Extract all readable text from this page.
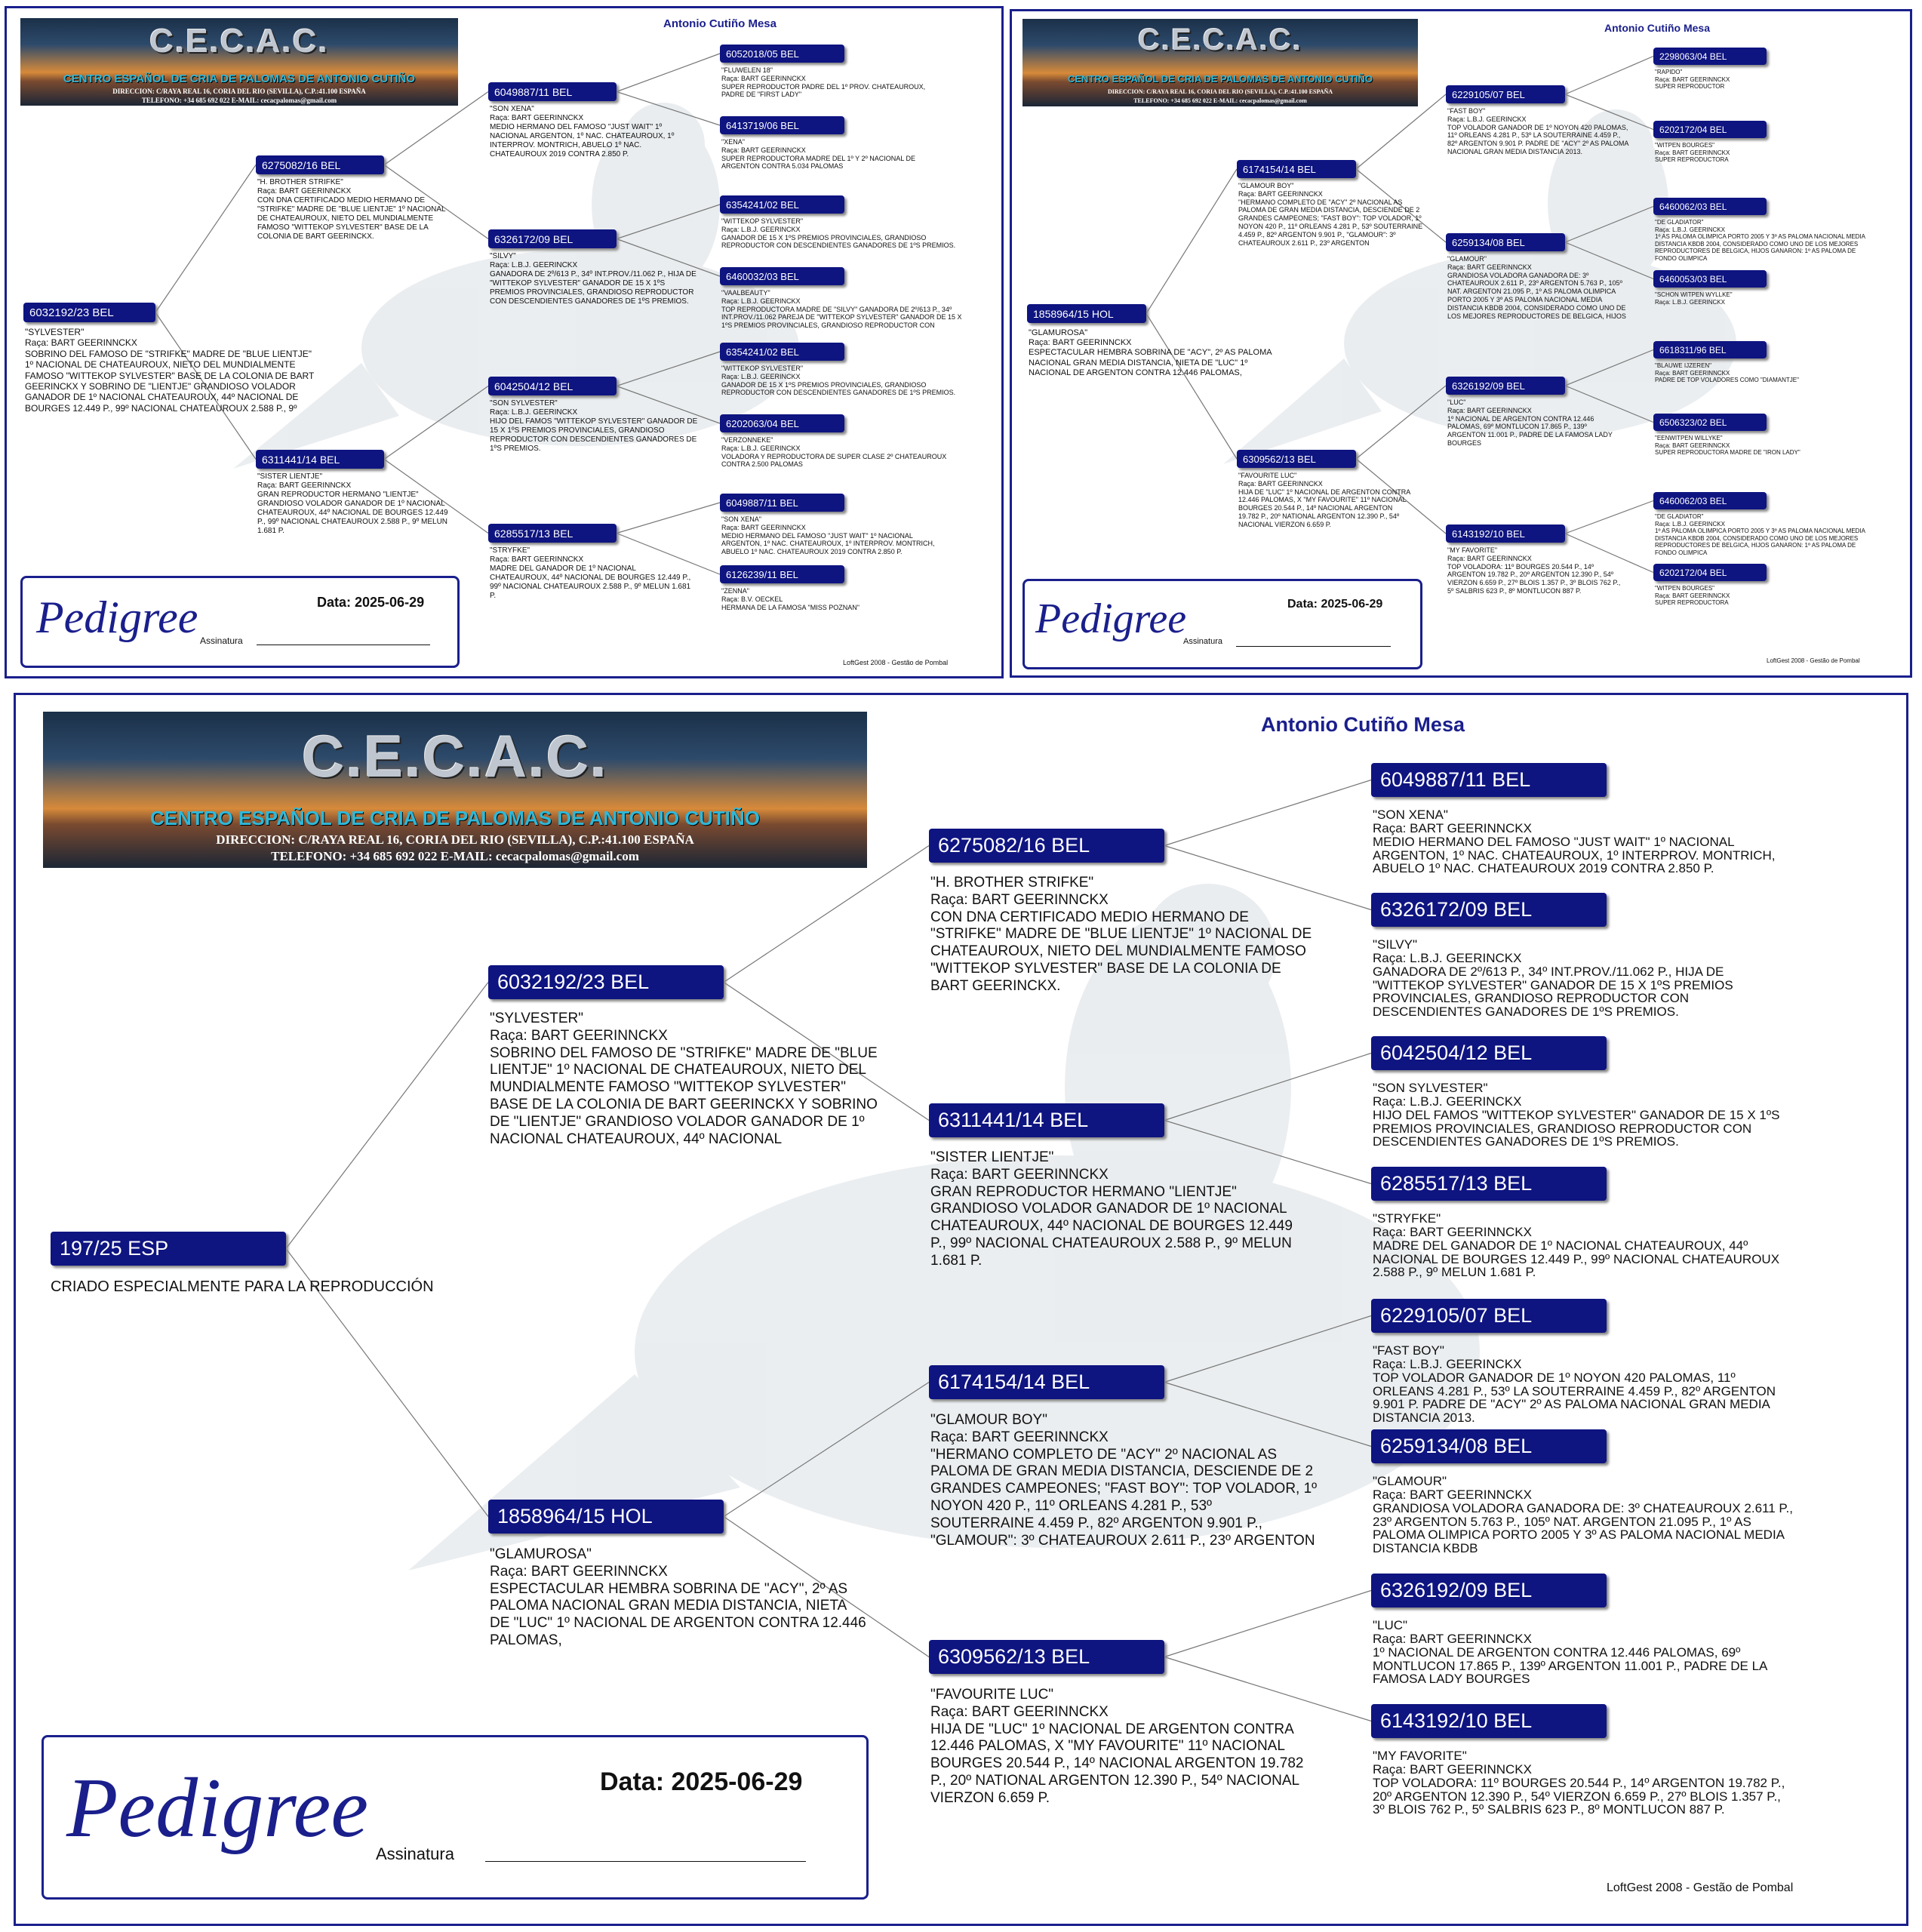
C.E.C.A.C.
CENTRO ESPAÑOL DE CRIA DE PALOMAS DE ANTONIO CUTIÑO
DIRECCION: C/RAYA REAL 16, CORIA DEL RIO (SEVILLA), C.P.:41.100 ESPAÑA
TELEFONO: +34 685 692 022 E-MAIL: cecacpalomas@gmail.com
Antonio Cutiño Mesa
6032192/23 BEL
"SYLVESTER"
Raça: BART GEERINNCKX
SOBRINO DEL FAMOSO DE "STRIFKE" MADRE DE "BLUE LIENTJE" 1º NACIONAL DE CHATEAUROUX, NIETO DEL MUNDIALMENTE FAMOSO "WITTEKOP SYLVESTER" BASE DE LA COLONIA DE BART GEERINCKX Y SOBRINO DE "LIENTJE" GRANDIOSO VOLADOR GANADOR DE 1º NACIONAL CHATEAUROUX, 44º NACIONAL DE BOURGES 12.449 P., 99º NACIONAL CHATEAUROUX 2.588 P., 9º
6275082/16 BEL
"H. BROTHER STRIFKE"
Raça: BART GEERINNCKX
CON DNA CERTIFICADO MEDIO HERMANO DE "STRIFKE" MADRE DE "BLUE LIENTJE" 1º NACIONAL DE CHATEAUROUX, NIETO DEL MUNDIALMENTE FAMOSO "WITTEKOP SYLVESTER" BASE DE LA COLONIA DE BART GEERINCKX.
6311441/14 BEL
"SISTER LIENTJE"
Raça: BART GEERINNCKX
GRAN REPRODUCTOR HERMANO "LIENTJE" GRANDIOSO VOLADOR GANADOR DE 1º NACIONAL CHATEAUROUX, 44º NACIONAL DE BOURGES 12.449 P., 99º NACIONAL CHATEAUROUX 2.588 P., 9º MELUN 1.681 P.
6049887/11 BEL
"SON XENA"
Raça: BART GEERINNCKX
MEDIO HERMANO DEL FAMOSO "JUST WAIT" 1º NACIONAL ARGENTON, 1º NAC. CHATEAUROUX, 1º INTERPROV. MONTRICH, ABUELO 1º NAC. CHATEAUROUX 2019 CONTRA 2.850 P.
6326172/09 BEL
"SILVY"
Raça: L.B.J. GEERINCKX
GANADORA DE 2º/613 P., 34º INT.PROV./11.062 P., HIJA DE "WITTEKOP SYLVESTER" GANADOR DE 15 X 1ºS PREMIOS PROVINCIALES, GRANDIOSO REPRODUCTOR CON DESCENDIENTES GANADORES DE 1ºS PREMIOS.
6042504/12 BEL
"SON SYLVESTER"
Raça: L.B.J. GEERINCKX
HIJO DEL FAMOS "WITTEKOP SYLVESTER" GANADOR DE 15 X 1ºS PREMIOS PROVINCIALES, GRANDIOSO REPRODUCTOR CON DESCENDIENTES GANADORES DE 1ºS PREMIOS.
6285517/13 BEL
"STRYFKE"
Raça: BART GEERINNCKX
MADRE DEL GANADOR DE 1º NACIONAL CHATEAUROUX, 44º NACIONAL DE BOURGES 12.449 P., 99º NACIONAL CHATEAUROUX 2.588 P., 9º MELUN 1.681 P.
6052018/05 BEL
"FLUWELEN 18"
Raça: BART GEERINNCKX
SUPER REPRODUCTOR PADRE DEL 1º PROV. CHATEAUROUX, PADRE DE "FIRST LADY"
6413719/06 BEL
"XENA"
Raça: BART GEERINNCKX
SUPER REPRODUCTORA MADRE DEL 1º Y 2º NACIONAL DE ARGENTON CONTRA 5.034 PALOMAS
6354241/02 BEL
"WITTEKOP SYLVESTER"
Raça: L.B.J. GEERINCKX
GANADOR DE 15 X 1ºS PREMIOS PROVINCIALES, GRANDIOSO REPRODUCTOR CON DESCENDIENTES GANADORES DE 1ºS PREMIOS.
6460032/03 BEL
"VAALBEAUTY"
Raça: L.B.J. GEERINCKX
TOP REPRODUCTORA MADRE DE "SILVY" GANADORA DE 2º/613 P., 34º INT.PROV./11.062 PAREJA DE "WITTEKOP SYLVESTER" GANADOR DE 15 X 1ºS PREMIOS PROVINCIALES, GRANDIOSO REPRODUCTOR CON
6354241/02 BEL
"WITTEKOP SYLVESTER"
Raça: L.B.J. GEERINCKX
GANADOR DE 15 X 1ºS PREMIOS PROVINCIALES, GRANDIOSO REPRODUCTOR CON DESCENDIENTES GANADORES DE 1ºS PREMIOS.
6202063/04 BEL
"VERZONNEKE"
Raça: L.B.J. GEERINCKX
VOLADORA Y REPRODUCTORA DE SUPER CLASE 2º CHATEAUROUX CONTRA 2.500 PALOMAS
6049887/11 BEL
"SON XENA"
Raça: BART GEERINNCKX
MEDIO HERMANO DEL FAMOSO "JUST WAIT" 1º NACIONAL ARGENTON, 1º NAC. CHATEAUROUX, 1º INTERPROV. MONTRICH, ABUELO 1º NAC. CHATEAUROUX 2019 CONTRA 2.850 P.
6126239/11 BEL
"ZENNA"
Raça: B.V. OECKEL
HERMANA DE LA FAMOSA "MISS POZNAN"
Pedigree	Data: 2025-06-29
Assinatura
LoftGest 2008 - Gestão de Pombal
C.E.C.A.C.
CENTRO ESPAÑOL DE CRIA DE PALOMAS DE ANTONIO CUTIÑO
DIRECCION: C/RAYA REAL 16, CORIA DEL RIO (SEVILLA), C.P.:41.100 ESPAÑA
TELEFONO: +34 685 692 022 E-MAIL: cecacpalomas@gmail.com
Antonio Cutiño Mesa
1858964/15 HOL
"GLAMUROSA"
Raça: BART GEERINNCKX
ESPECTACULAR HEMBRA SOBRINA DE "ACY", 2º AS PALOMA NACIONAL GRAN MEDIA DISTANCIA, NIETA DE "LUC" 1º NACIONAL DE ARGENTON CONTRA 12.446 PALOMAS,
6174154/14 BEL
"GLAMOUR BOY"
Raça: BART GEERINNCKX
"HERMANO COMPLETO DE "ACY" 2º NACIONAL AS PALOMA DE GRAN MEDIA DISTANCIA, DESCIENDE DE 2 GRANDES CAMPEONES; "FAST BOY": TOP VOLADOR, 1º NOYON 420 P., 11º ORLEANS 4.281 P., 53º SOUTERRAINE 4.459 P., 82º ARGENTON 9.901 P., "GLAMOUR": 3º CHATEAUROUX 2.611 P., 23º ARGENTON
6309562/13 BEL
"FAVOURITE LUC"
Raça: BART GEERINNCKX
HIJA DE "LUC" 1º NACIONAL DE ARGENTON CONTRA 12.446 PALOMAS, X "MY FAVOURITE" 11º NACIONAL BOURGES 20.544 P., 14º NACIONAL ARGENTON 19.782 P., 20º NATIONAL ARGENTON 12.390 P., 54º NACIONAL VIERZON 6.659 P.
6229105/07 BEL
"FAST BOY"
Raça: L.B.J. GEERINCKX
TOP VOLADOR GANADOR DE 1º NOYON 420 PALOMAS, 11º ORLEANS 4.281 P., 53º LA SOUTERRAINE 4.459 P., 82º ARGENTON 9.901 P. PADRE DE "ACY" 2º AS PALOMA NACIONAL GRAN MEDIA DISTANCIA 2013.
6259134/08 BEL
"GLAMOUR"
Raça: BART GEERINNCKX
GRANDIOSA VOLADORA GANADORA DE: 3º CHATEAUROUX 2.611 P., 23º ARGENTON 5.763 P., 105º NAT. ARGENTON 21.095 P., 1º AS PALOMA OLIMPICA PORTO 2005 Y 3º AS PALOMA NACIONAL MEDIA DISTANCIA KBDB 2004, CONSIDERADO COMO UNO DE LOS MEJORES REPRODUCTORES DE BELGICA, HIJOS
6326192/09 BEL
"LUC"
Raça: BART GEERINNCKX
1º NACIONAL DE ARGENTON CONTRA 12.446 PALOMAS, 69º MONTLUCON 17.865 P., 139º ARGENTON 11.001 P., PADRE DE LA FAMOSA LADY BOURGES
6143192/10 BEL
"MY FAVORITE"
Raça: BART GEERINNCKX
TOP VOLADORA: 11º BOURGES 20.544 P., 14º ARGENTON 19.782 P., 20º ARGENTON 12.390 P., 54º VIERZON 6.659 P., 27º BLOIS 1.357 P., 3º BLOIS 762 P., 5º SALBRIS 623 P., 8º MONTLUCON 887 P.
2298063/04 BEL
"RAPIDO"
Raça: BART GEERINNCKX
SUPER REPRODUCTOR
6202172/04 BEL
"WITPEN BOURGES"
Raça: BART GEERINNCKX
SUPER REPRODUCTORA
6460062/03 BEL
"DE GLADIATOR"
Raça: L.B.J. GEERINCKX
1º AS PALOMA OLIMPICA PORTO 2005 Y 3º AS PALOMA NACIONAL MEDIA DISTANCIA KBDB 2004, CONSIDERADO COMO UNO DE LOS MEJORES REPRODUCTORES DE BELGICA, HIJOS GANARON: 1º AS PALOMA DE FONDO OLIMPICA
6460053/03 BEL
"SCHON WITPEN WYLLKE"
Raça: L.B.J. GEERINCKX
6618311/96 BEL
"BLAUWE IJZEREN"
Raça: BART GEERINNCKX
PADRE DE TOP VOLADORES COMO "DIAMANTJE"
6506323/02 BEL
"EENWITPEN WILLYKE"
Raça: BART GEERINNCKX
SUPER REPRODUCTORA MADRE DE "IRON LADY"
6460062/03 BEL
"DE GLADIATOR"
Raça: L.B.J. GEERINCKX
1º AS PALOMA OLIMPICA PORTO 2005 Y 3º AS PALOMA NACIONAL MEDIA DISTANCIA KBDB 2004, CONSIDERADO COMO UNO DE LOS MEJORES REPRODUCTORES DE BELGICA, HIJOS GANARON: 1º AS PALOMA DE FONDO OLIMPICA
6202172/04 BEL
"WITPEN BOURGES"
Raça: BART GEERINNCKX
SUPER REPRODUCTORA
Pedigree	Data: 2025-06-29
Assinatura
LoftGest 2008 - Gestão de Pombal
C.E.C.A.C.
CENTRO ESPAÑOL DE CRIA DE PALOMAS DE ANTONIO CUTIÑO
DIRECCION: C/RAYA REAL 16, CORIA DEL RIO (SEVILLA), C.P.:41.100 ESPAÑA
TELEFONO: +34 685 692 022 E-MAIL: cecacpalomas@gmail.com
Antonio Cutiño Mesa
197/25 ESP
CRIADO ESPECIALMENTE PARA LA REPRODUCCIÓN
6032192/23 BEL
"SYLVESTER"
Raça: BART GEERINNCKX
SOBRINO DEL FAMOSO DE "STRIFKE" MADRE DE "BLUE LIENTJE" 1º NACIONAL DE CHATEAUROUX, NIETO DEL MUNDIALMENTE FAMOSO "WITTEKOP SYLVESTER" BASE DE LA COLONIA DE BART GEERINCKX Y SOBRINO DE "LIENTJE" GRANDIOSO VOLADOR GANADOR DE 1º NACIONAL CHATEAUROUX, 44º NACIONAL
1858964/15 HOL
"GLAMUROSA"
Raça: BART GEERINNCKX
ESPECTACULAR HEMBRA SOBRINA DE "ACY", 2º AS PALOMA NACIONAL GRAN MEDIA DISTANCIA, NIETA DE "LUC" 1º NACIONAL DE ARGENTON CONTRA 12.446 PALOMAS,
6275082/16 BEL
"H. BROTHER STRIFKE"
Raça: BART GEERINNCKX
CON DNA CERTIFICADO MEDIO HERMANO DE "STRIFKE" MADRE DE "BLUE LIENTJE" 1º NACIONAL DE CHATEAUROUX, NIETO DEL MUNDIALMENTE FAMOSO "WITTEKOP SYLVESTER" BASE DE LA COLONIA DE BART GEERINCKX.
6311441/14 BEL
"SISTER LIENTJE"
Raça: BART GEERINNCKX
GRAN REPRODUCTOR HERMANO "LIENTJE" GRANDIOSO VOLADOR GANADOR DE 1º NACIONAL CHATEAUROUX, 44º NACIONAL DE BOURGES 12.449 P., 99º NACIONAL CHATEAUROUX 2.588 P., 9º MELUN 1.681 P.
6174154/14 BEL
"GLAMOUR BOY"
Raça: BART GEERINNCKX
"HERMANO COMPLETO DE "ACY" 2º NACIONAL AS PALOMA DE GRAN MEDIA DISTANCIA, DESCIENDE DE 2 GRANDES CAMPEONES; "FAST BOY": TOP VOLADOR, 1º NOYON 420 P., 11º ORLEANS 4.281 P., 53º SOUTERRAINE 4.459 P., 82º ARGENTON 9.901 P., "GLAMOUR": 3º CHATEAUROUX 2.611 P., 23º ARGENTON
6309562/13 BEL
"FAVOURITE LUC"
Raça: BART GEERINNCKX
HIJA DE "LUC" 1º NACIONAL DE ARGENTON CONTRA 12.446 PALOMAS, X "MY FAVOURITE" 11º NACIONAL BOURGES 20.544 P., 14º NACIONAL ARGENTON 19.782 P., 20º NATIONAL ARGENTON 12.390 P., 54º NACIONAL VIERZON 6.659 P.
6049887/11 BEL
"SON XENA"
Raça: BART GEERINNCKX
MEDIO HERMANO DEL FAMOSO "JUST WAIT" 1º NACIONAL ARGENTON, 1º NAC. CHATEAUROUX, 1º INTERPROV. MONTRICH, ABUELO 1º NAC. CHATEAUROUX 2019 CONTRA 2.850 P.
6326172/09 BEL
"SILVY"
Raça: L.B.J. GEERINCKX
GANADORA DE 2º/613 P., 34º INT.PROV./11.062 P., HIJA DE "WITTEKOP SYLVESTER" GANADOR DE 15 X 1ºS PREMIOS PROVINCIALES, GRANDIOSO REPRODUCTOR CON DESCENDIENTES GANADORES DE 1ºS PREMIOS.
6042504/12 BEL
"SON SYLVESTER"
Raça: L.B.J. GEERINCKX
HIJO DEL FAMOS "WITTEKOP SYLVESTER" GANADOR DE 15 X 1ºS PREMIOS PROVINCIALES, GRANDIOSO REPRODUCTOR CON DESCENDIENTES GANADORES DE 1ºS PREMIOS.
6285517/13 BEL
"STRYFKE"
Raça: BART GEERINNCKX
MADRE DEL GANADOR DE 1º NACIONAL CHATEAUROUX, 44º NACIONAL DE BOURGES 12.449 P., 99º NACIONAL CHATEAUROUX 2.588 P., 9º MELUN 1.681 P.
6229105/07 BEL
"FAST BOY"
Raça: L.B.J. GEERINCKX
TOP VOLADOR GANADOR DE 1º NOYON 420 PALOMAS, 11º ORLEANS 4.281 P., 53º LA SOUTERRAINE 4.459 P., 82º ARGENTON 9.901 P. PADRE DE "ACY" 2º AS PALOMA NACIONAL GRAN MEDIA DISTANCIA 2013.
6259134/08 BEL
"GLAMOUR"
Raça: BART GEERINNCKX
GRANDIOSA VOLADORA GANADORA DE: 3º CHATEAUROUX 2.611 P., 23º ARGENTON 5.763 P., 105º NAT. ARGENTON 21.095 P., 1º AS PALOMA OLIMPICA PORTO 2005 Y 3º AS PALOMA NACIONAL MEDIA DISTANCIA KBDB
6326192/09 BEL
"LUC"
Raça: BART GEERINNCKX
1º NACIONAL DE ARGENTON CONTRA 12.446 PALOMAS, 69º MONTLUCON 17.865 P., 139º ARGENTON 11.001 P., PADRE DE LA FAMOSA LADY BOURGES
6143192/10 BEL
"MY FAVORITE"
Raça: BART GEERINNCKX
TOP VOLADORA: 11º BOURGES 20.544 P., 14º ARGENTON 19.782 P., 20º ARGENTON 12.390 P., 54º VIERZON 6.659 P., 27º BLOIS 1.357 P., 3º BLOIS 762 P., 5º SALBRIS 623 P., 8º MONTLUCON 887 P.
Pedigree	Data: 2025-06-29
Assinatura
LoftGest 2008 - Gestão de Pombal
